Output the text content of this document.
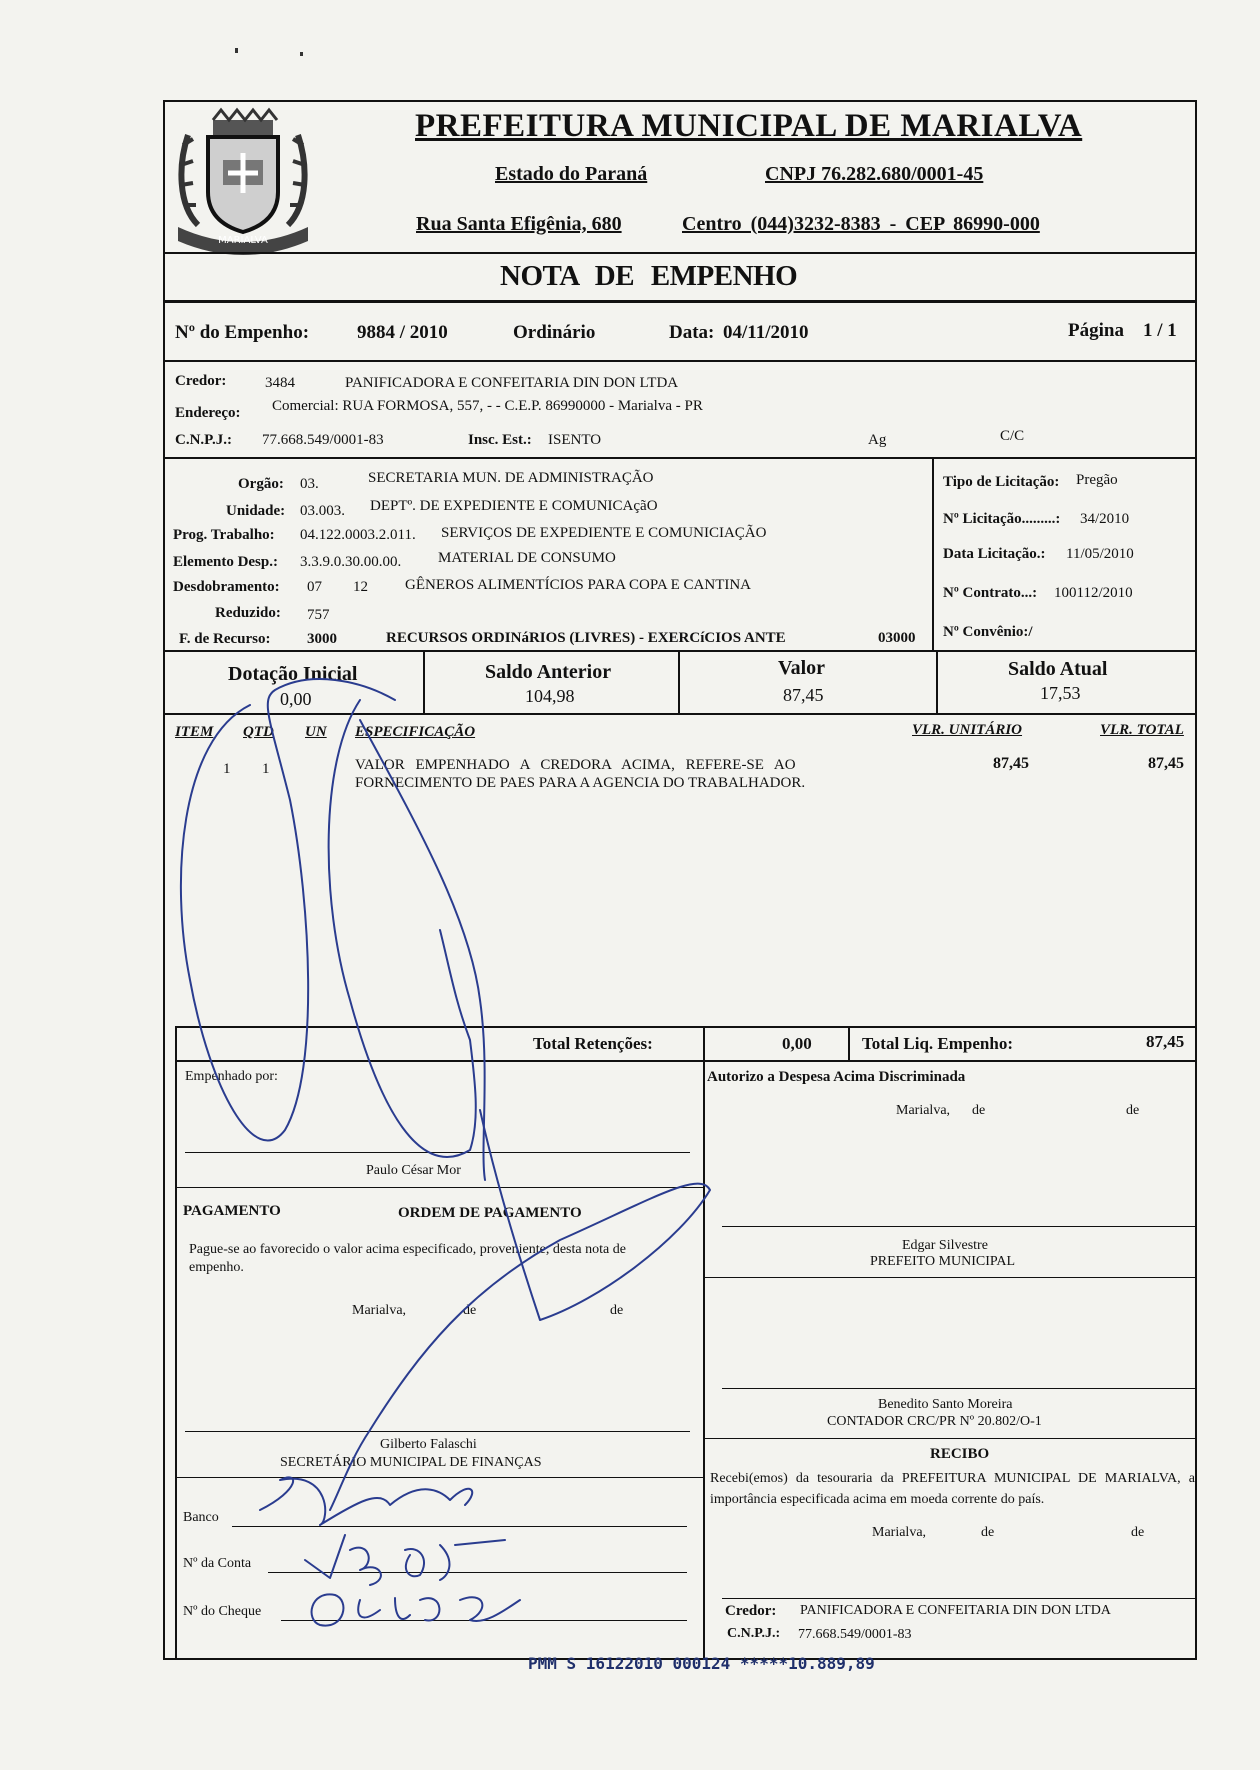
MARIALVA
PREFEITURA MUNICIPAL DE MARIALVA
Estado do Paraná	CNPJ 76.282.680/0001-45
Rua Santa Efigênia, 680	Centro (044)3232-8383 - CEP 86990-000
NOTA DE EMPENHO
Nº do Empenho:	9884 / 2010	Ordinário	Data: 04/11/2010	Página 1 / 1
Credor:	3484	PANIFICADORA E CONFEITARIA DIN DON LTDA
Endereço: Comercial: RUA FORMOSA, 557, - - C.E.P. 86990000 - Marialva - PR
C.N.P.J.: 77.668.549/0001-83	Insc. Est.: ISENTO	Ag	C/C
Orgão: 03.	SECRETARIA MUN. DE ADMINISTRAÇÃO
Unidade: 03.003. DEPTº. DE EXPEDIENTE E COMUNICAçãO
Prog. Trabalho: 04.122.0003.2.011. SERVIÇOS DE EXPEDIENTE E COMUNICIAÇÃO
Elemento Desp.: 3.3.9.0.30.00.00. MATERIAL DE CONSUMO
Desdobramento: 07 12 GÊNEROS ALIMENTÍCIOS PARA COPA E CANTINA
Reduzido: 757
F. de Recurso: 3000	RECURSOS ORDINáRIOS (LIVRES) - EXERCíCIOS ANTE	03000
Tipo de Licitação: Pregão
Nº Licitação.........: 34/2010
Data Licitação.: 11/05/2010
Nº Contrato...: 100112/2010
Nº Convênio:/
Dotação Inicial
0,00
Saldo Anterior
104,98
Valor
87,45
Saldo Atual
17,53
ITEM QTD UN ESPECIFICAÇÃO	VLR. UNITÁRIO	VLR. TOTAL
1 1	VALOR EMPENHADO A CREDORA ACIMA, REFERE-SE AO
FORNECIMENTO DE PAES PARA A AGENCIA DO TRABALHADOR.
87,45	87,45
Total Retenções:	0,00	Total Liq. Empenho:	87,45
Empenhado por:
Paulo César Mor
Autorizo a Despesa Acima Discriminada
Marialva, de	de
Edgar Silvestre
PREFEITO MUNICIPAL
Benedito Santo Moreira
CONTADOR CRC/PR Nº 20.802/O-1
PAGAMENTO	ORDEM DE PAGAMENTO
Pague-se ao favorecido o valor acima especificado, proveniente, desta nota de empenho.
Marialva,	de	de
Gilberto Falaschi
SECRETÁRIO MUNICIPAL DE FINANÇAS
Banco
Nº da Conta
Nº do Cheque
RECIBO
Recebi(emos) da tesouraria da PREFEITURA MUNICIPAL DE MARIALVA, a importância especificada acima em moeda corrente do país.
Marialva,	de	de
Credor: PANIFICADORA E CONFEITARIA DIN DON LTDA
C.N.P.J.: 77.668.549/0001-83
PMM S 16122010 000124 *****10.889,89
